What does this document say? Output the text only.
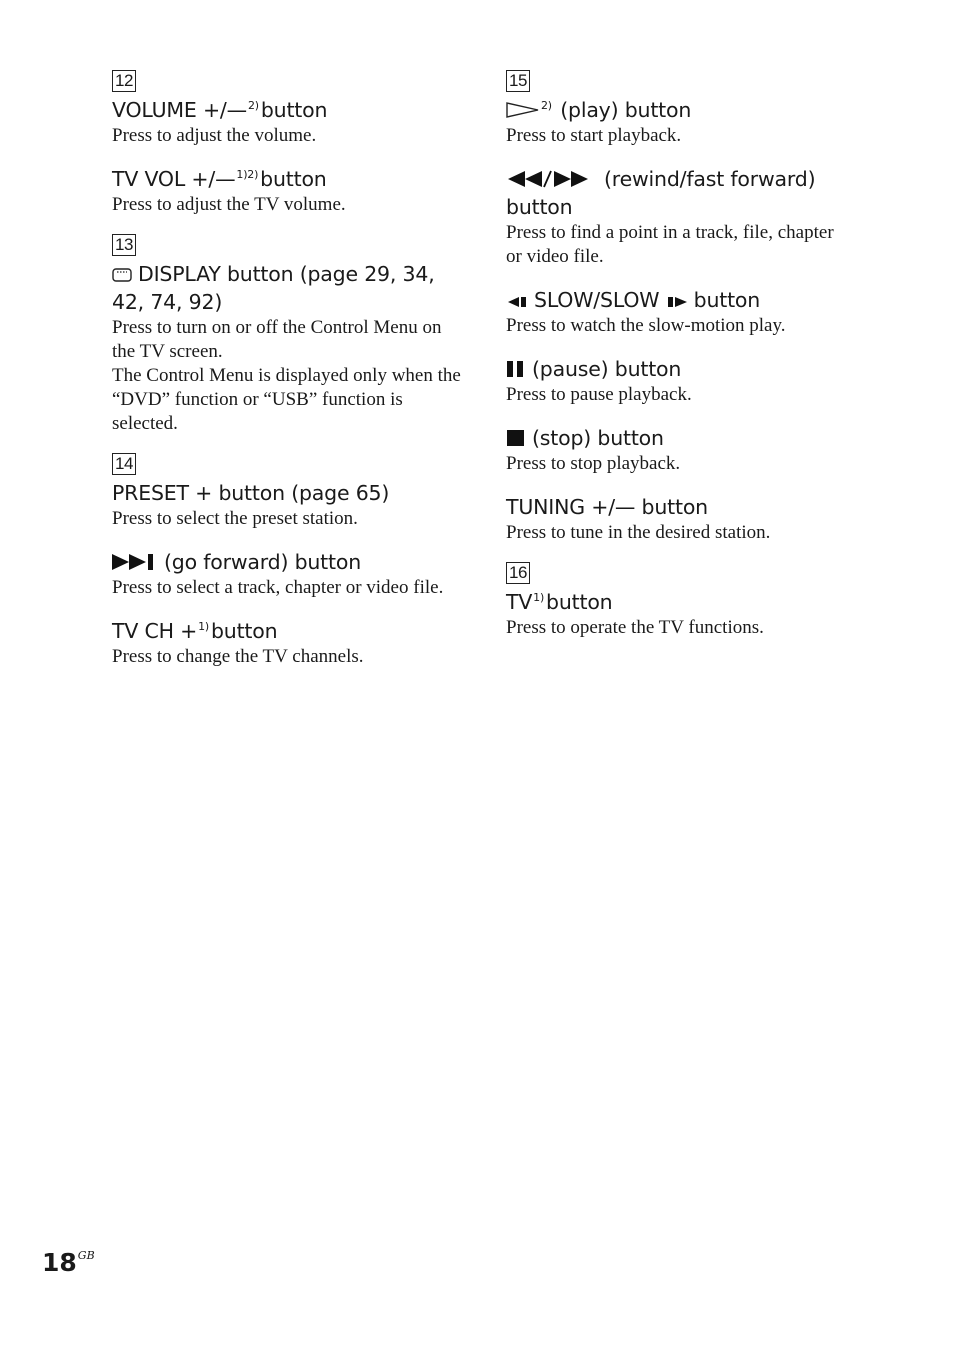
12
VOLUME +/—$^{2)}$button
Press to adjust the volume.
TV VOL +/—$^{1)2)}$button
Press to adjust the TV volume.
13
DISPLAY button (page 29, 34, 42, 74, 92)
Press to turn on or off the Control Menu on the TV screen.
The Control Menu is displayed only when the “DVD” function or “USB” function is selected.
14
PRESET + button (page 65)
Press to select the preset station.
(go forward) button
Press to select a track, chapter or video file.
TV CH +$^{1)}$button
Press to change the TV channels.
15
$^{2)}$ (play) button
Press to start playback.
(rewind/fast forward) button
Press to find a point in a track, file, chapter or video file.
SLOW/SLOW button
Press to watch the slow-motion play.
(pause) button
Press to pause playback.
(stop) button
Press to stop playback.
TUNING +/— button
Press to tune in the desired station.
16
TV$^{1)}$button
Press to operate the TV functions.
$18^{GB}$
